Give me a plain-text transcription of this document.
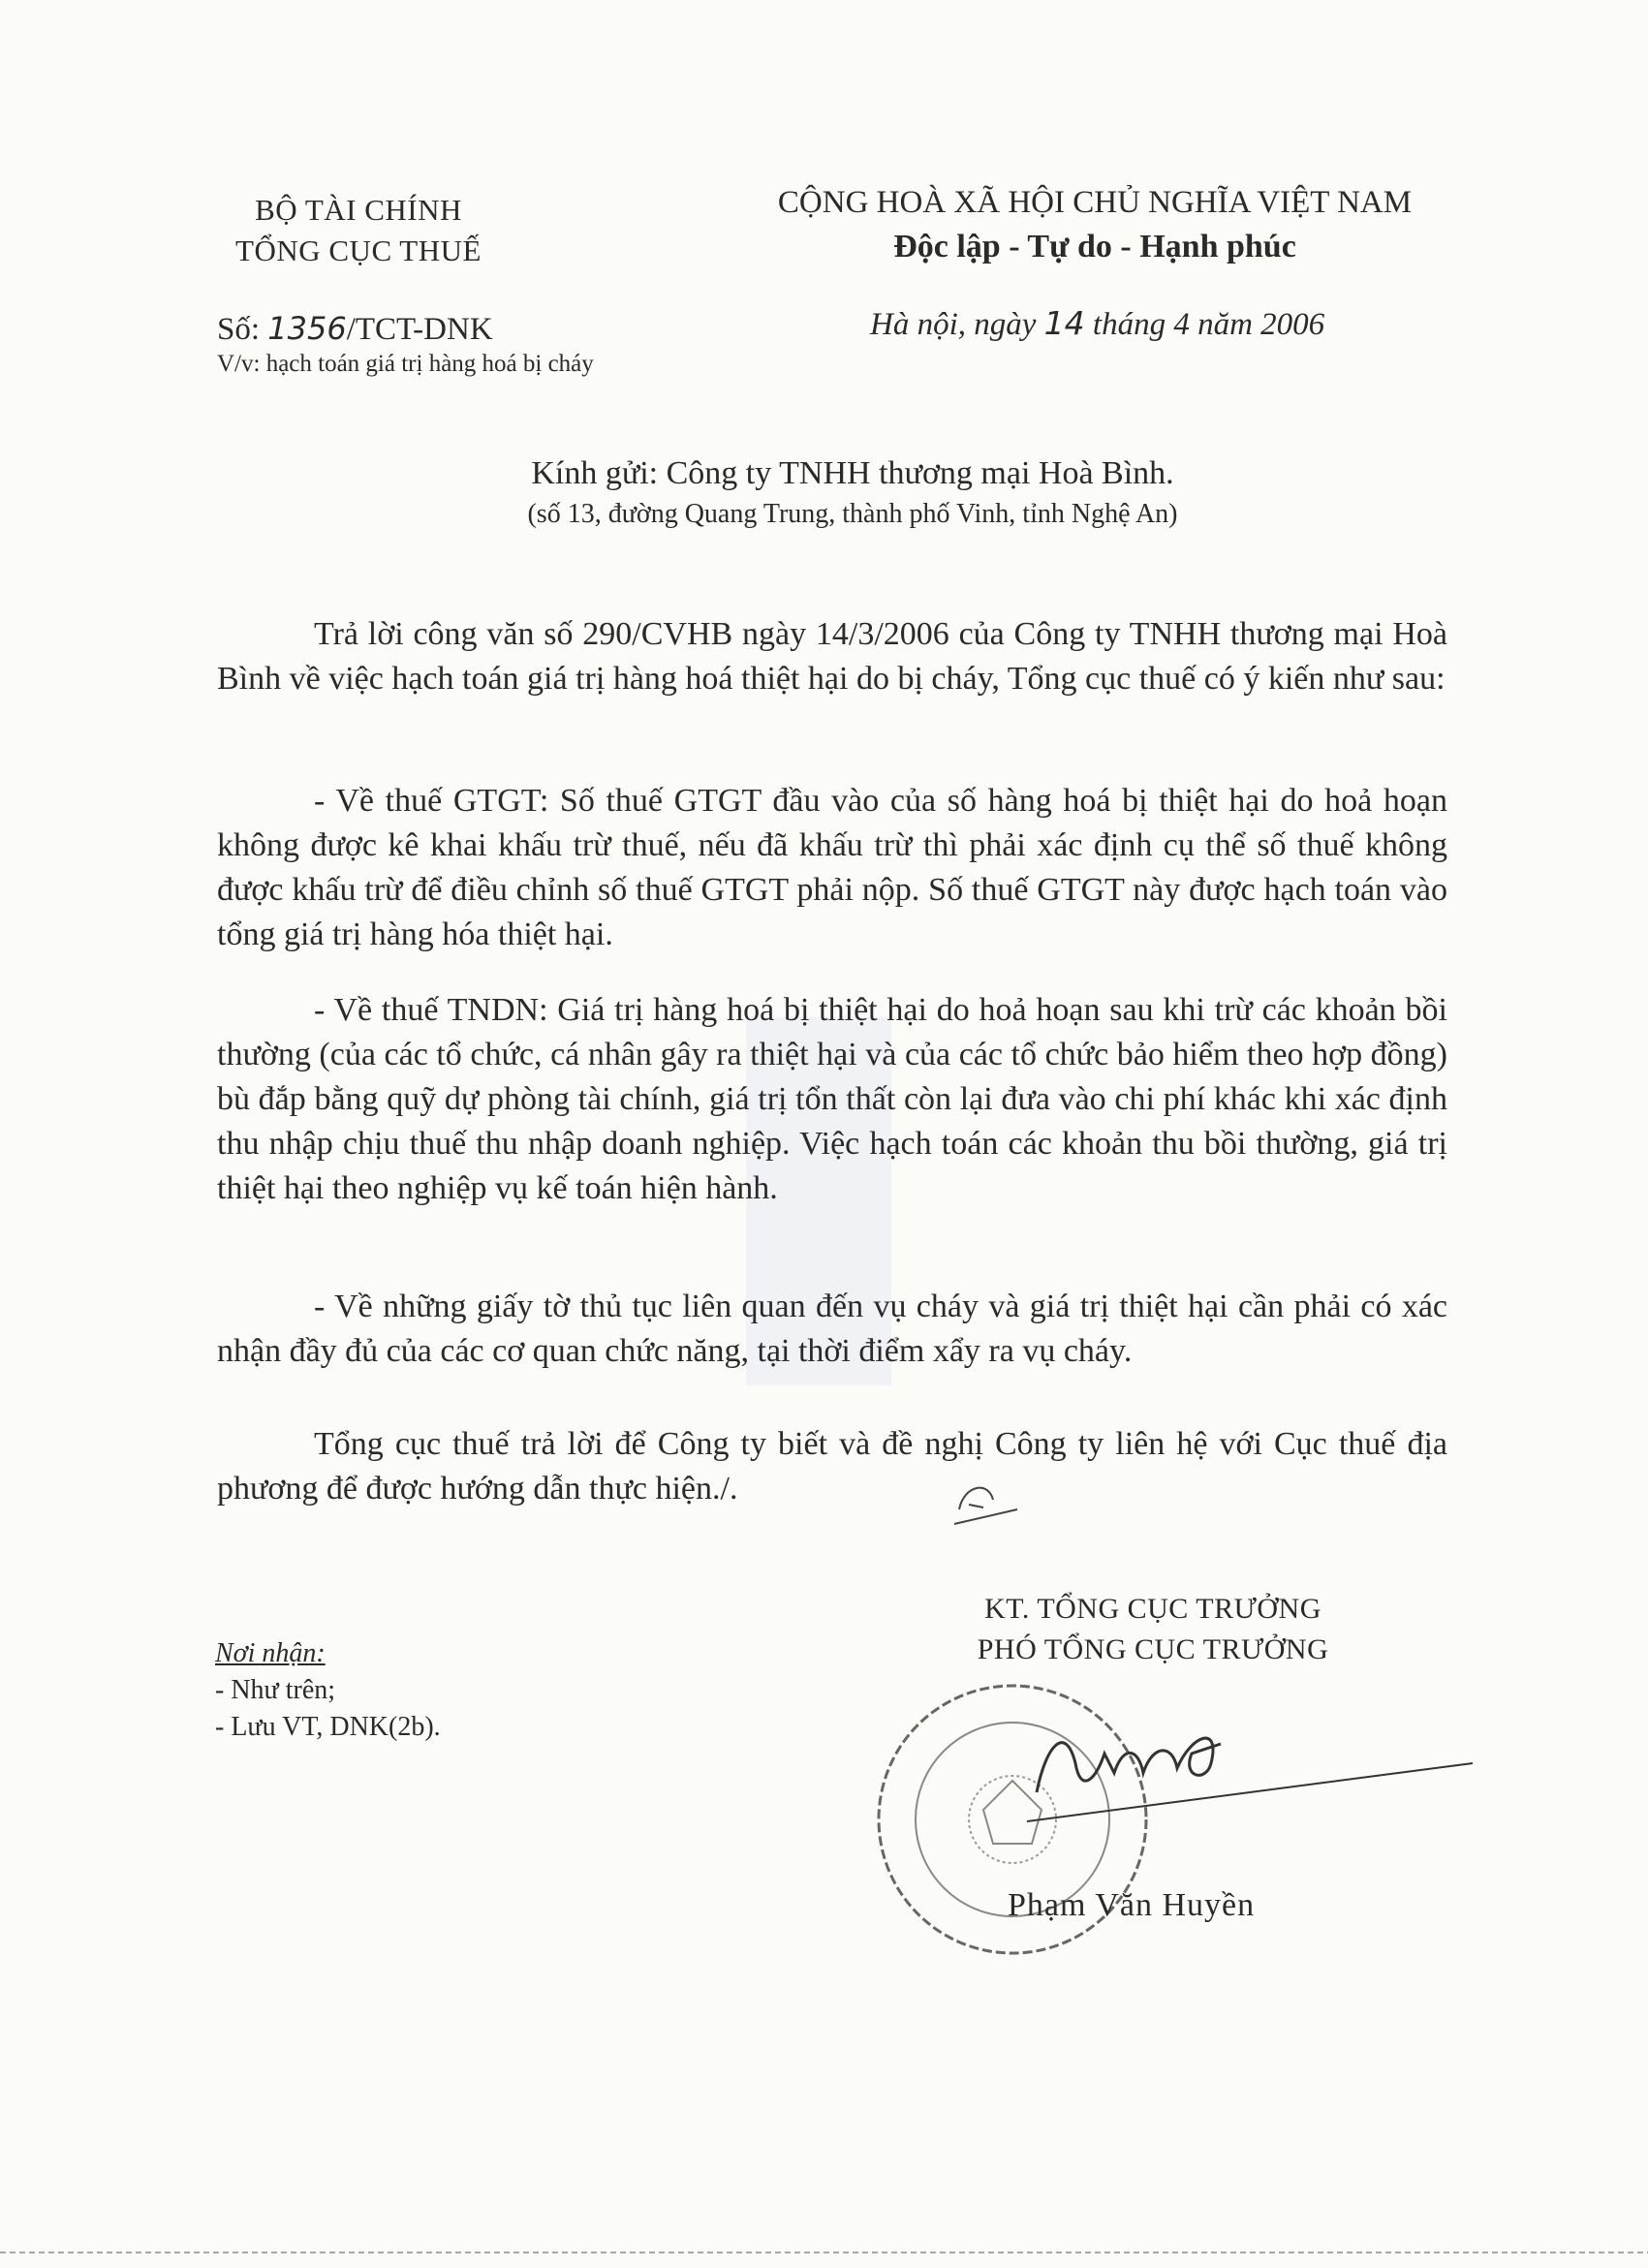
BỘ TÀI CHÍNH
TỔNG CỤC THUẾ
CỘNG HOÀ XÃ HỘI CHỦ NGHĨA VIỆT NAM
Độc lập - Tự do - Hạnh phúc
Số: 1356/TCT-DNK
V/v: hạch toán giá trị hàng hoá bị cháy
Hà nội, ngày 14 tháng 4 năm 2006
Kính gửi: Công ty TNHH thương mại Hoà Bình.
(số 13, đường Quang Trung, thành phố Vinh, tỉnh Nghệ An)

Trả lời công văn số 290/CVHB ngày 14/3/2006 của Công ty TNHH thương mại Hoà Bình về việc hạch toán giá trị hàng hoá thiệt hại do bị cháy, Tổng cục thuế có ý kiến như sau:

- Về thuế GTGT: Số thuế GTGT đầu vào của số hàng hoá bị thiệt hại do hoả hoạn không được kê khai khấu trừ thuế, nếu đã khấu trừ thì phải xác định cụ thể số thuế không được khấu trừ để điều chỉnh số thuế GTGT phải nộp. Số thuế GTGT này được hạch toán vào tổng giá trị hàng hóa thiệt hại.

- Về thuế TNDN: Giá trị hàng hoá bị thiệt hại do hoả hoạn sau khi trừ các khoản bồi thường (của các tổ chức, cá nhân gây ra thiệt hại và của các tổ chức bảo hiểm theo hợp đồng) bù đắp bằng quỹ dự phòng tài chính, giá trị tổn thất còn lại đưa vào chi phí khác khi xác định thu nhập chịu thuế thu nhập doanh nghiệp. Việc hạch toán các khoản thu bồi thường, giá trị thiệt hại theo nghiệp vụ kế toán hiện hành.

- Về những giấy tờ thủ tục liên quan đến vụ cháy và giá trị thiệt hại cần phải có xác nhận đầy đủ của các cơ quan chức năng, tại thời điểm xẩy ra vụ cháy.

Tổng cục thuế trả lời để Công ty biết và đề nghị Công ty liên hệ với Cục thuế địa phương để được hướng dẫn thực hiện./.

KT. TỔNG CỤC TRƯỞNG
PHÓ TỔNG CỤC TRƯỞNG
Nơi nhận:
- Như trên;
- Lưu VT, DNK(2b).
Phạm Văn Huyền
